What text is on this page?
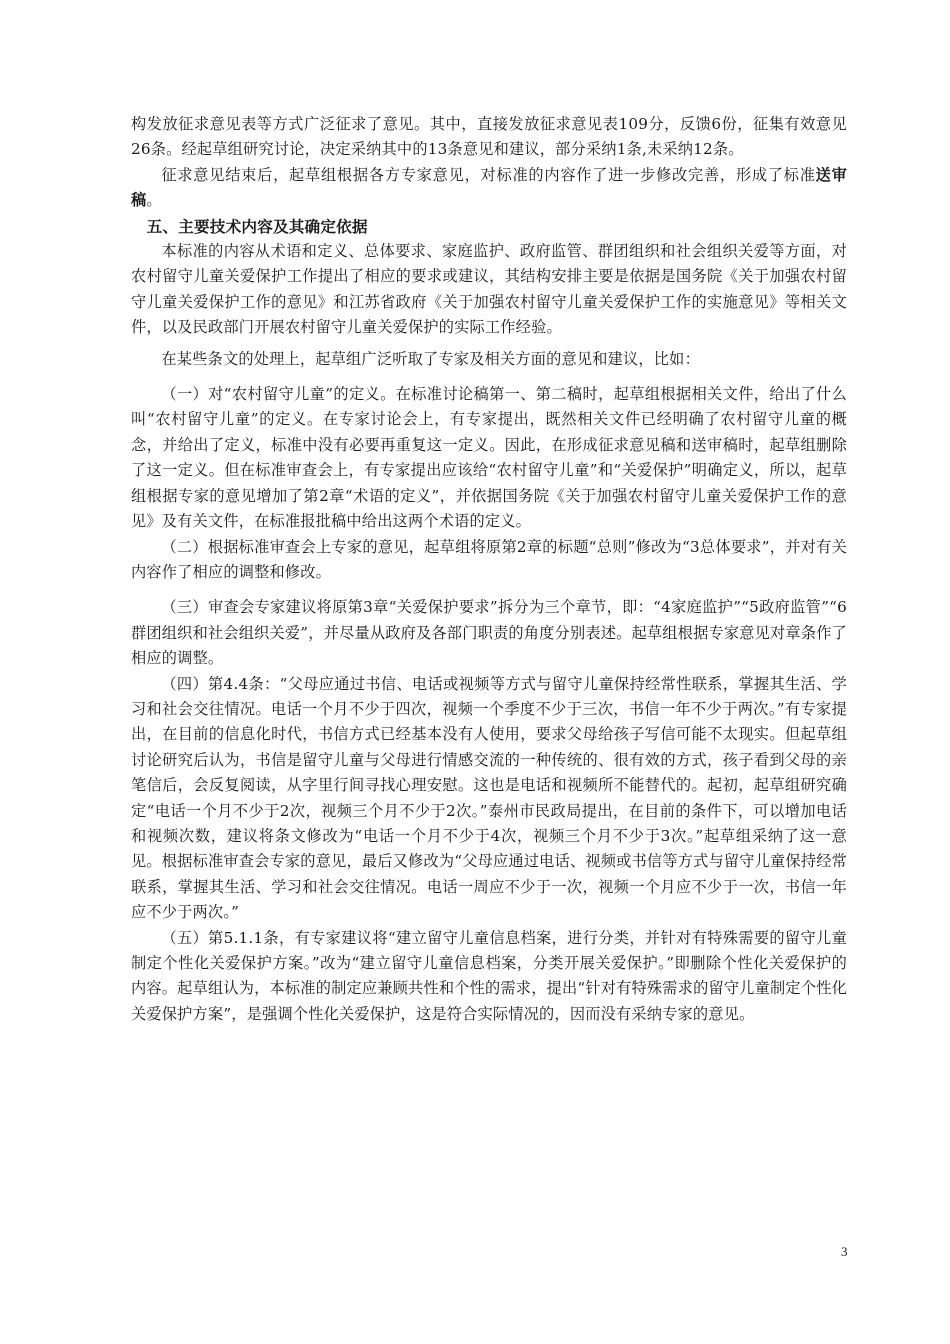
构发放征求意见表等方式广泛征求了意见。其中，直接发放征求意见表109分，反馈6份，征集有效意见26条。经起草组研究讨论，决定采纳其中的13条意见和建议，部分采纳1条,未采纳12条。

征求意见结束后，起草组根据各方专家意见，对标准的内容作了进一步修改完善，形成了标准送审稿。

五、主要技术内容及其确定依据

本标准的内容从术语和定义、总体要求、家庭监护、政府监管、群团组织和社会组织关爱等方面，对农村留守儿童关爱保护工作提出了相应的要求或建议，其结构安排主要是依据是国务院《关于加强农村留守儿童关爱保护工作的意见》和江苏省政府《关于加强农村留守儿童关爱保护工作的实施意见》等相关文件，以及民政部门开展农村留守儿童关爱保护的实际工作经验。

在某些条文的处理上，起草组广泛听取了专家及相关方面的意见和建议，比如：

（一）对“农村留守儿童”的定义。在标准讨论稿第一、第二稿时，起草组根据相关文件，给出了什么叫“农村留守儿童”的定义。在专家讨论会上，有专家提出，既然相关文件已经明确了农村留守儿童的概念，并给出了定义，标准中没有必要再重复这一定义。因此，在形成征求意见稿和送审稿时，起草组删除了这一定义。但在标准审查会上，有专家提出应该给“农村留守儿童”和“关爱保护”明确定义，所以，起草组根据专家的意见增加了第2章“术语的定义”，并依据国务院《关于加强农村留守儿童关爱保护工作的意见》及有关文件，在标准报批稿中给出这两个术语的定义。

（二）根据标准审查会上专家的意见，起草组将原第2章的标题“总则”修改为“3总体要求”，并对有关内容作了相应的调整和修改。

（三）审查会专家建议将原第3章“关爱保护要求”拆分为三个章节，即：“4家庭监护”“5政府监管”“6群团组织和社会组织关爱”，并尽量从政府及各部门职责的角度分别表述。起草组根据专家意见对章条作了相应的调整。

（四）第4.4条：“父母应通过书信、电话或视频等方式与留守儿童保持经常性联系，掌握其生活、学习和社会交往情况。电话一个月不少于四次，视频一个季度不少于三次，书信一年不少于两次。”有专家提出，在目前的信息化时代，书信方式已经基本没有人使用，要求父母给孩子写信可能不太现实。但起草组讨论研究后认为，书信是留守儿童与父母进行情感交流的一种传统的、很有效的方式，孩子看到父母的亲笔信后，会反复阅读，从字里行间寻找心理安慰。这也是电话和视频所不能替代的。起初，起草组研究确定“电话一个月不少于2次，视频三个月不少于2次。”泰州市民政局提出，在目前的条件下，可以增加电话和视频次数，建议将条文修改为“电话一个月不少于4次，视频三个月不少于3次。”起草组采纳了这一意见。根据标准审查会专家的意见，最后又修改为“父母应通过电话、视频或书信等方式与留守儿童保持经常联系，掌握其生活、学习和社会交往情况。电话一周应不少于一次，视频一个月应不少于一次，书信一年应不少于两次。”

（五）第5.1.1条，有专家建议将“建立留守儿童信息档案，进行分类，并针对有特殊需要的留守儿童制定个性化关爱保护方案。”改为“建立留守儿童信息档案，分类开展关爱保护。”即删除个性化关爱保护的内容。起草组认为，本标准的制定应兼顾共性和个性的需求，提出“针对有特殊需求的留守儿童制定个性化关爱保护方案”，是强调个性化关爱保护，这是符合实际情况的，因而没有采纳专家的意见。

3
